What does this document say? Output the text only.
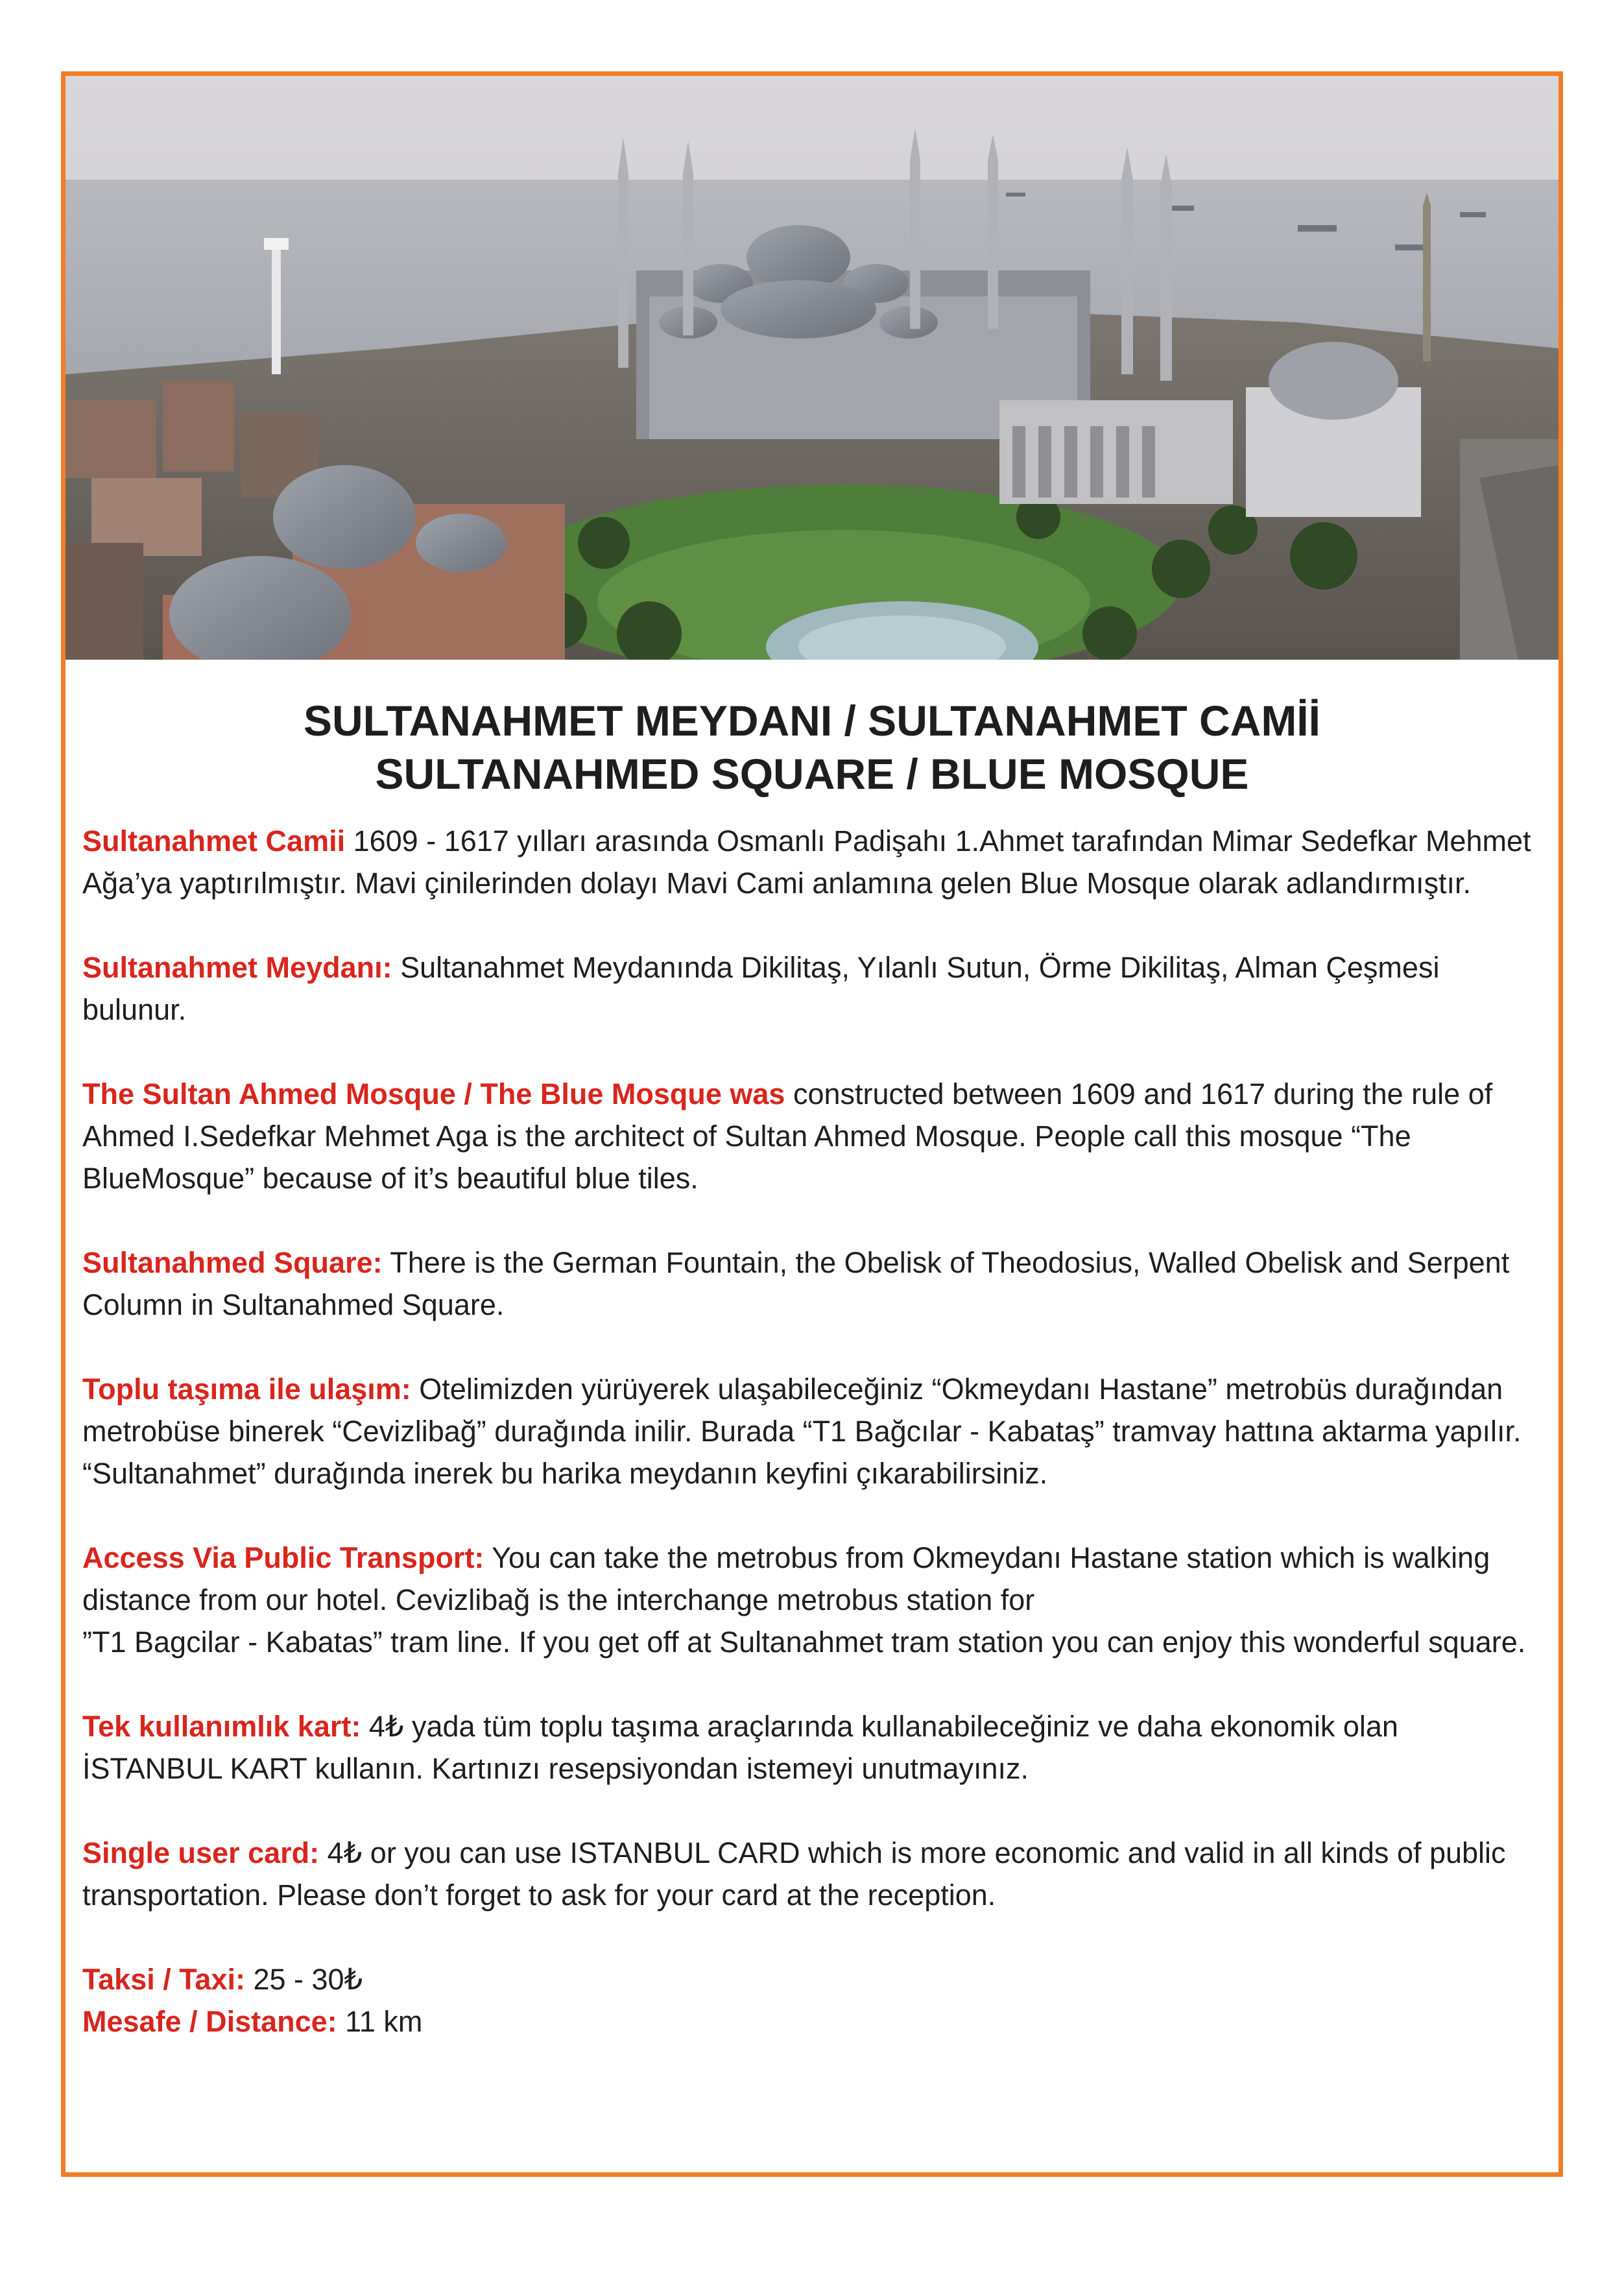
SULTANAHMET MEYDANI / SULTANAHMET CAMİİ
SULTANAHMED SQUARE / BLUE MOSQUE

Sultanahmet Camii 1609 - 1617 yılları arasında Osmanlı Padişahı 1.Ahmet tarafından Mimar Sedefkar Mehmet Ağa’ya yaptırılmıştır. Mavi çinilerinden dolayı Mavi Cami anlamına gelen Blue Mosque olarak adlandırmıştır.

Sultanahmet Meydanı: Sultanahmet Meydanında Dikilitaş, Yılanlı Sutun, Örme Dikilitaş, Alman Çeşmesi bulunur.

The Sultan Ahmed Mosque / The Blue Mosque was constructed between 1609 and 1617 during the rule of Ahmed I.Sedefkar Mehmet Aga is the architect of Sultan Ahmed Mosque. People call this mosque “The BlueMosque” because of it’s beautiful blue tiles.

Sultanahmed Square: There is the German Fountain, the Obelisk of Theodosius, Walled Obelisk and Serpent Column in Sultanahmed Square.

Toplu taşıma ile ulaşım: Otelimizden yürüyerek ulaşabileceğiniz “Okmeydanı Hastane” metrobüs durağından metrobüse binerek “Cevizlibağ” durağında inilir. Burada “T1 Bağcılar - Kabataş” tramvay hattına aktarma yapılır. “Sultanahmet” durağında inerek bu harika meydanın keyfini çıkarabilirsiniz.

Access Via Public Transport: You can take the metrobus from Okmeydanı Hastane station which is walking distance from our hotel. Cevizlibağ is the interchange metrobus station for
”T1 Bagcilar - Kabatas” tram line. If you get off at Sultanahmet tram station you can enjoy this wonderful square.

Tek kullanımlık kart: 4₺ yada tüm toplu taşıma araçlarında kullanabileceğiniz ve daha ekonomik olan İSTANBUL KART kullanın. Kartınızı resepsiyondan istemeyi unutmayınız.

Single user card: 4₺ or you can use ISTANBUL CARD which is more economic and valid in all kinds of public transportation. Please don’t forget to ask for your card at the reception.

Taksi / Taxi: 25 - 30₺

Mesafe / Distance: 11 km
